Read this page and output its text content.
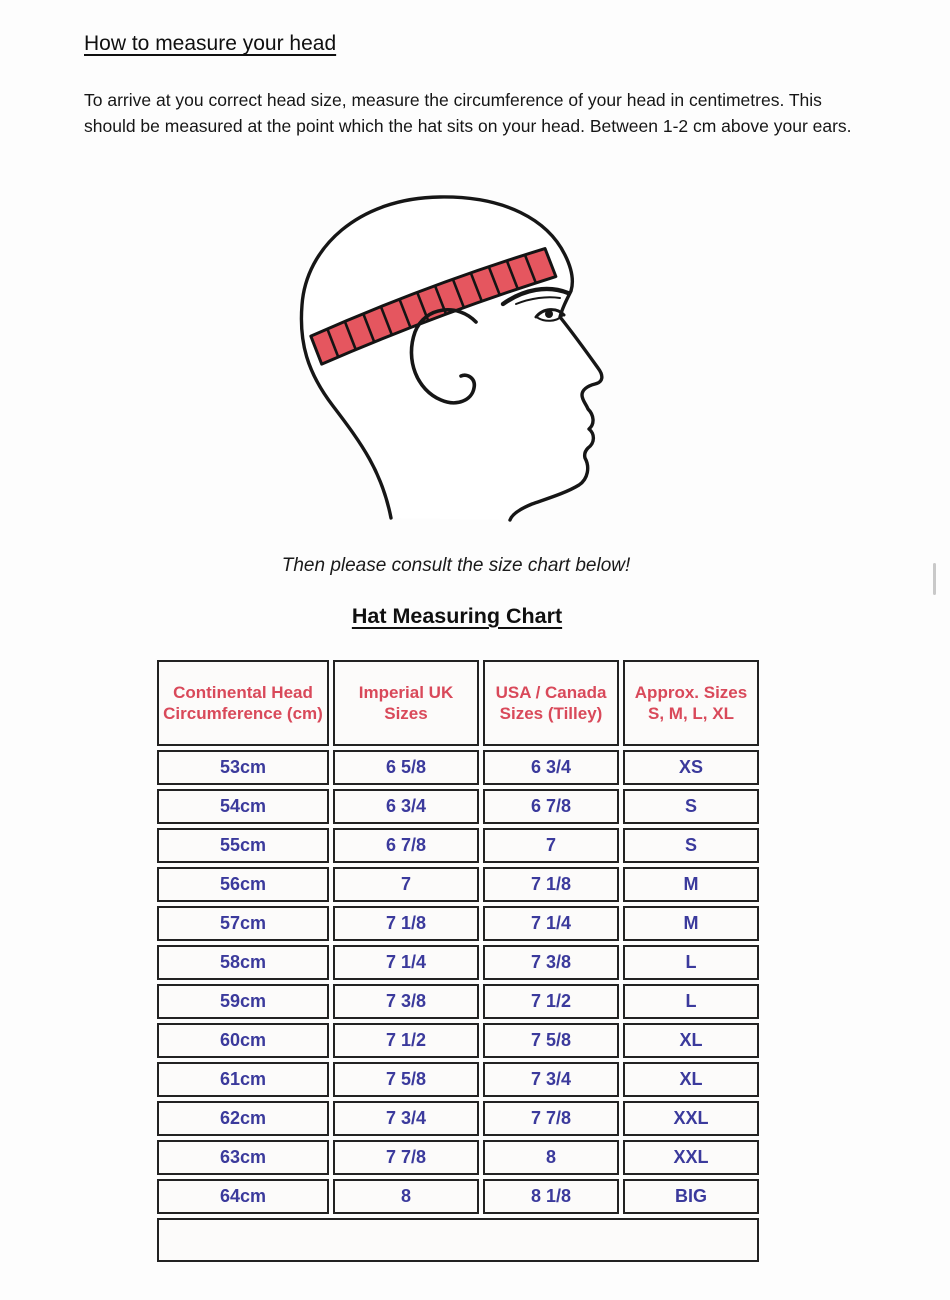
How to measure your head

To arrive at you correct head size, measure the circumference of your head in centimetres. This should be measured at the point which the hat sits on your head. Between 1-2 cm above your ears.

Then please consult the size chart below!

Hat Measuring Chart
Continental Head Circumference (cm)	Imperial UK Sizes	USA / Canada Sizes (Tilley)	Approx. Sizes S, M, L, XL
53cm	6 5/8	6 3/4	XS
54cm	6 3/4	6 7/8	S
55cm	6 7/8	7	S
56cm	7	7 1/8	M
57cm	7 1/8	7 1/4	M
58cm	7 1/4	7 3/8	L
59cm	7 3/8	7 1/2	L
60cm	7 1/2	7 5/8	XL
61cm	7 5/8	7 3/4	XL
62cm	7 3/4	7 7/8	XXL
63cm	7 7/8	8	XXL
64cm	8	8 1/8	BIG
